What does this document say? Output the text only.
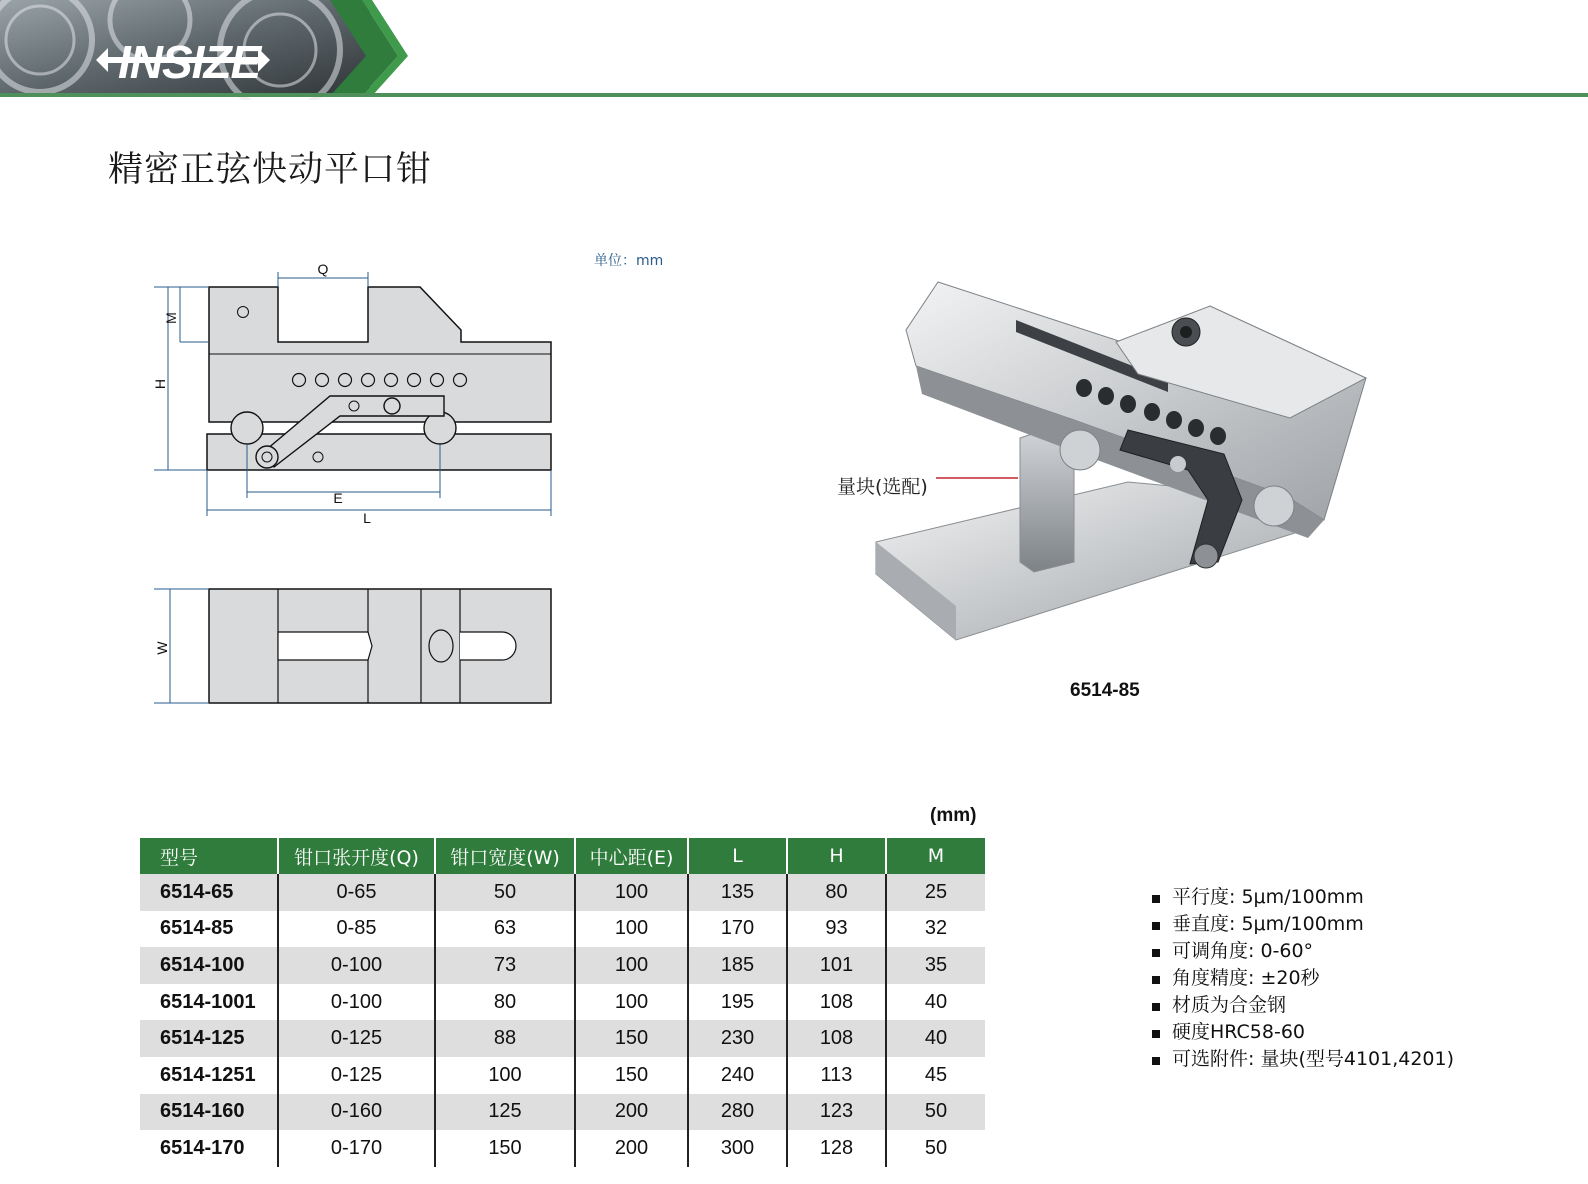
INSIZE
精密正弦快动平口钳
单位：mm
Q
M
H
E
L
W
量块(选配)
6514-85
(mm)
型号	钳口张开度(Q)	钳口宽度(W)	中心距(E)	L	H	M
6514-65	0-65	50	100	135	80	25
6514-85	0-85	63	100	170	93	32
6514-100	0-100	73	100	185	101	35
6514-1001	0-100	80	100	195	108	40
6514-125	0-125	88	150	230	108	40
6514-1251	0-125	100	150	240	113	45
6514-160	0-160	125	200	280	123	50
6514-170	0-170	150	200	300	128	50
平行度: 5μm/100mm
垂直度: 5μm/100mm
可调角度: 0-60°
角度精度: ±20秒
材质为合金钢
硬度HRC58-60
可选附件: 量块(型号4101,4201)
